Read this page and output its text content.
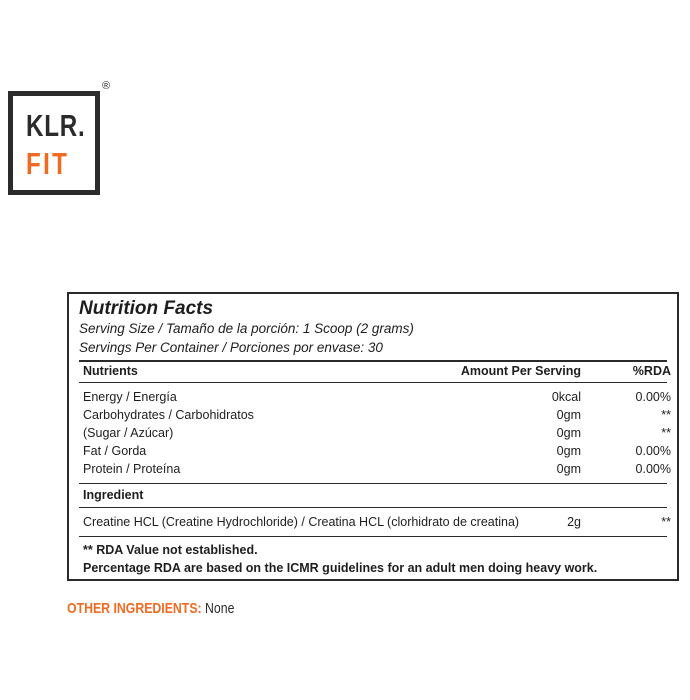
KLR.
FIT
®
Nutrition Facts
Serving Size / Tamaño de la porción: 1 Scoop (2 grams)
Servings Per Container / Porciones por envase: 30
Nutrients	Amount Per Serving	%RDA
Energy / Energía	0kcal	0.00%
Carbohydrates / Carbohidratos	0gm	**
(Sugar / Azúcar)	0gm	**
Fat / Gorda	0gm	0.00%
Protein / Proteína	0gm	0.00%
Ingredient
Creatine HCL (Creatine Hydrochloride) / Creatina HCL (clorhidrato de creatina)	2g	**
** RDA Value not established.
Percentage RDA are based on the ICMR guidelines for an adult men doing heavy work.
OTHER INGREDIENTS: None
